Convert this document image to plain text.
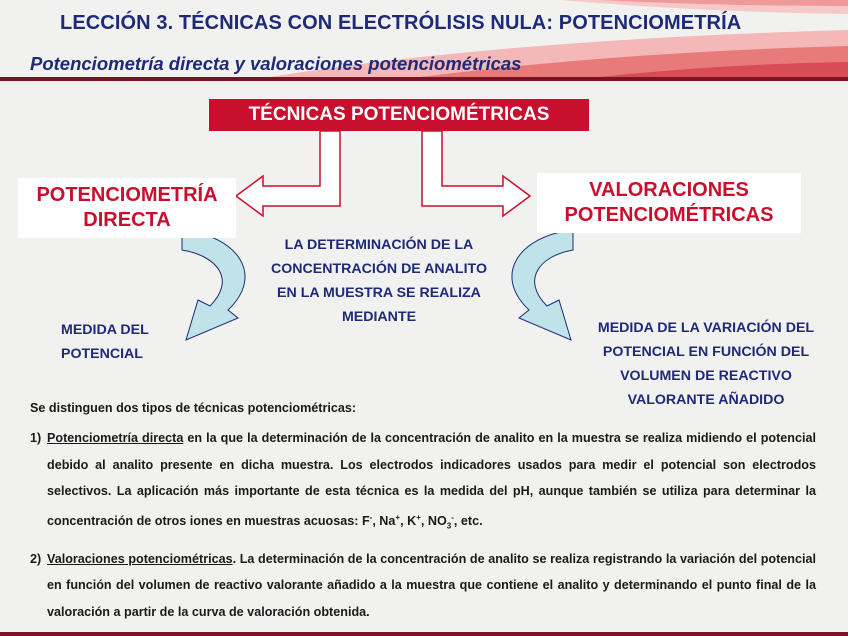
LECCIÓN 3. TÉCNICAS CON ELECTRÓLISIS NULA: POTENCIOMETRÍA
Potenciometría directa y valoraciones potenciométricas
TÉCNICAS POTENCIOMÉTRICAS
POTENCIOMETRÍA
DIRECTA
VALORACIONES
POTENCIOMÉTRICAS
LA DETERMINACIÓN DE LA
CONCENTRACIÓN DE ANALITO
EN LA MUESTRA SE REALIZA
MEDIANTE
MEDIDA DEL
POTENCIAL
MEDIDA DE LA VARIACIÓN DEL
POTENCIAL EN FUNCIÓN DEL
VOLUMEN DE REACTIVO
VALORANTE AÑADIDO
Se distinguen dos tipos de técnicas potenciométricas:
1) Potenciometría directa en la que la determinación de la concentración de analito en la muestra se realiza midiendo el potencial debido al analito presente en dicha muestra. Los electrodos indicadores usados para medir el potencial son electrodos selectivos. La aplicación más importante de esta técnica es la medida del pH, aunque también se utiliza para determinar la concentración de otros iones en muestras acuosas: F-, Na+, K+, $NO_3^-$, etc.
2) Valoraciones potenciométricas. La determinación de la concentración de analito se realiza registrando la variación del potencial en función del volumen de reactivo valorante añadido a la muestra que contiene el analito y determinando el punto final de la valoración a partir de la curva de valoración obtenida.
